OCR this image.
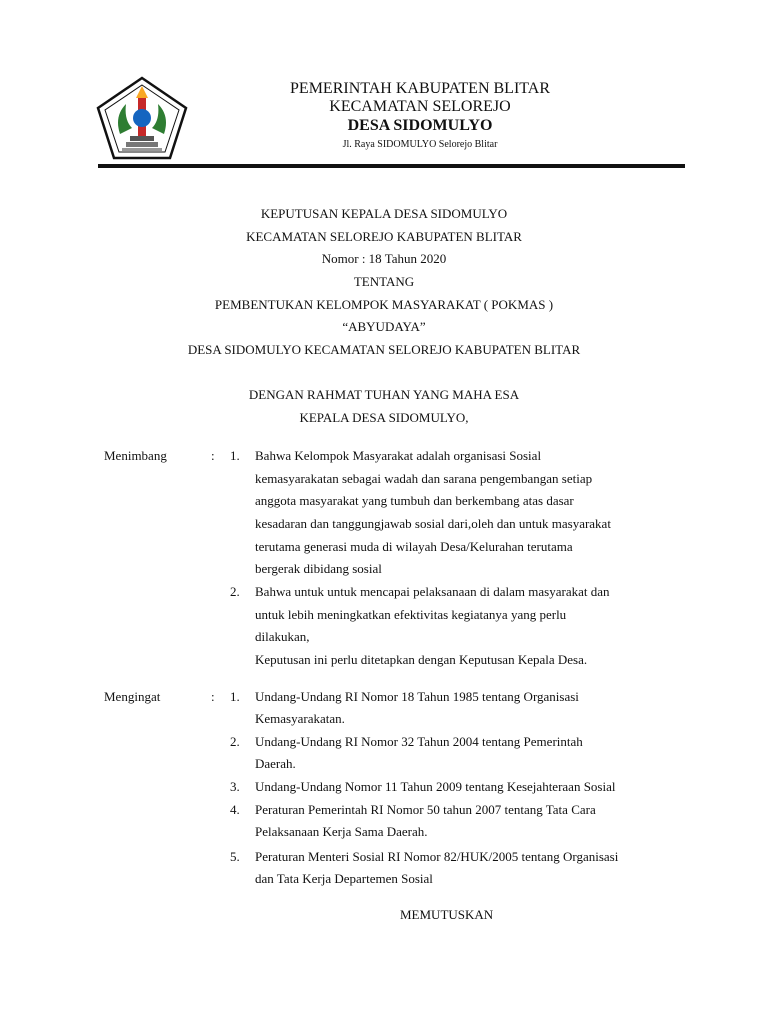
PEMERINTAH KABUPATEN BLITAR
KECAMATAN SELOREJO
DESA SIDOMULYO
Jl. Raya SIDOMULYO Selorejo Blitar
KEPUTUSAN KEPALA DESA SIDOMULYO
KECAMATAN SELOREJO KABUPATEN BLITAR
Nomor : 18 Tahun 2020
TENTANG
PEMBENTUKAN KELOMPOK MASYARAKAT ( POKMAS )
“ABYUDAYA”
DESA SIDOMULYO KECAMATAN SELOREJO KABUPATEN BLITAR
DENGAN RAHMAT TUHAN YANG MAHA ESA
KEPALA DESA SIDOMULYO,
Menimbang	: 1. Bahwa Kelompok Masyarakat adalah organisasi Sosial
kemasyarakatan sebagai wadah dan sarana pengembangan setiap
anggota masyarakat yang tumbuh dan berkembang atas dasar
kesadaran dan tanggungjawab sosial dari,oleh dan untuk masyarakat
terutama generasi muda di wilayah Desa/Kelurahan terutama
bergerak dibidang sosial
2. Bahwa untuk untuk mencapai pelaksanaan di dalam masyarakat dan
untuk lebih meningkatkan efektivitas kegiatanya yang perlu
dilakukan,
Keputusan ini perlu ditetapkan dengan Keputusan Kepala Desa.
Mengingat	: 1. Undang-Undang RI Nomor 18 Tahun 1985 tentang Organisasi
Kemasyarakatan.
2. Undang-Undang RI Nomor 32 Tahun 2004 tentang Pemerintah
Daerah.
3. Undang-Undang Nomor 11 Tahun 2009 tentang Kesejahteraan Sosial
4. Peraturan Pemerintah RI Nomor 50 tahun 2007 tentang Tata Cara
Pelaksanaan Kerja Sama Daerah.
5. Peraturan Menteri Sosial RI Nomor 82/HUK/2005 tentang Organisasi
dan Tata Kerja Departemen Sosial
MEMUTUSKAN
